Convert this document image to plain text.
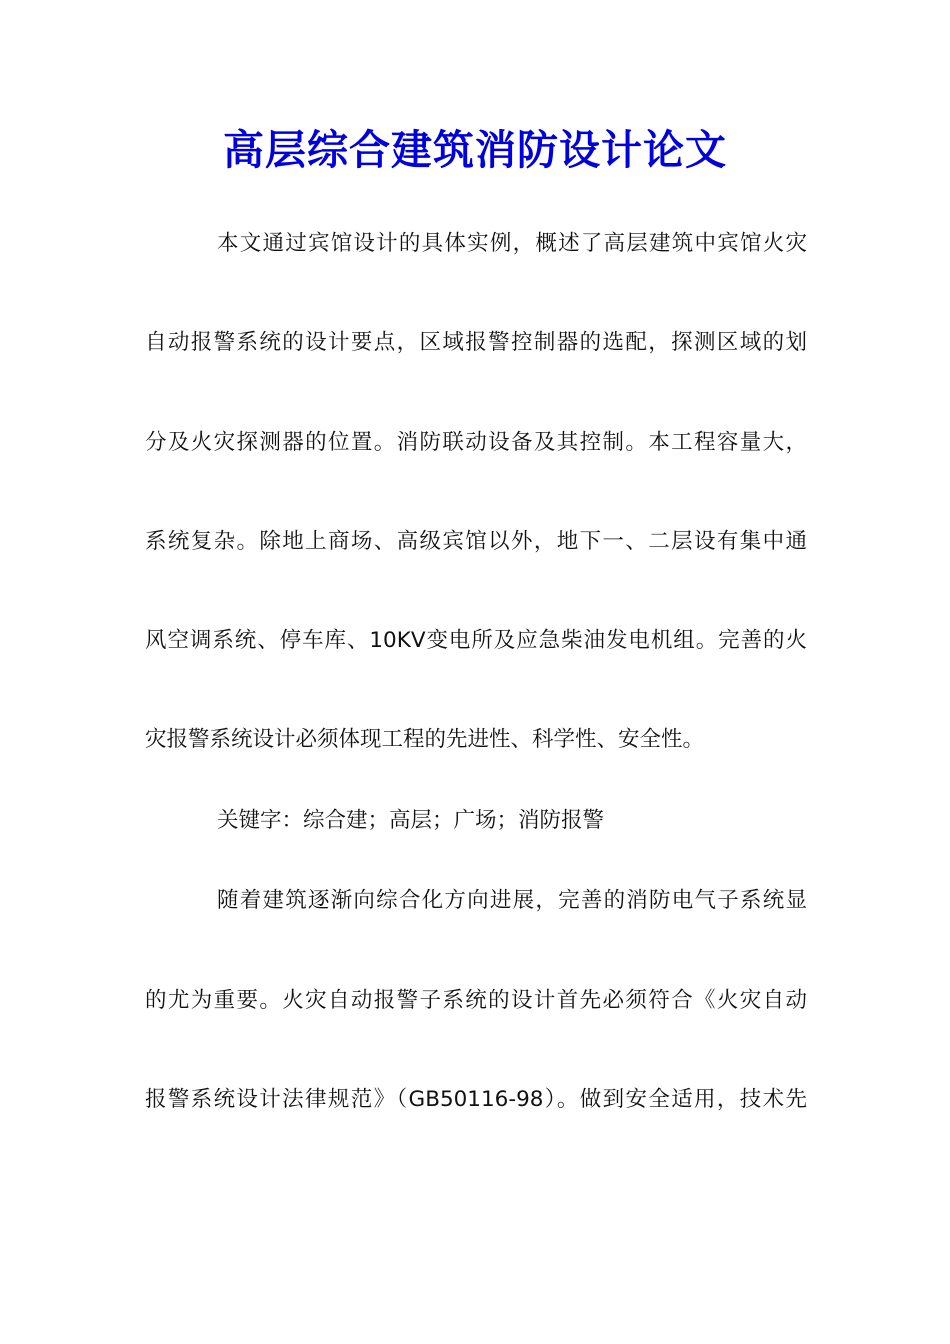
高层综合建筑消防设计论文
本文通过宾馆设计的具体实例，概述了高层建筑中宾馆火灾
自动报警系统的设计要点，区域报警控制器的选配，探测区域的划
分及火灾探测器的位置。消防联动设备及其控制。本工程容量大，
系统复杂。除地上商场、高级宾馆以外，地下一、二层设有集中通
风空调系统、停车库、10KV变电所及应急柴油发电机组。完善的火
灾报警系统设计必须体现工程的先进性、科学性、安全性。
关键字：综合建；高层；广场；消防报警
随着建筑逐渐向综合化方向进展，完善的消防电气子系统显
的尤为重要。火灾自动报警子系统的设计首先必须符合《火灾自动
报警系统设计法律规范》（GB50116-98）。做到安全适用，技术先
